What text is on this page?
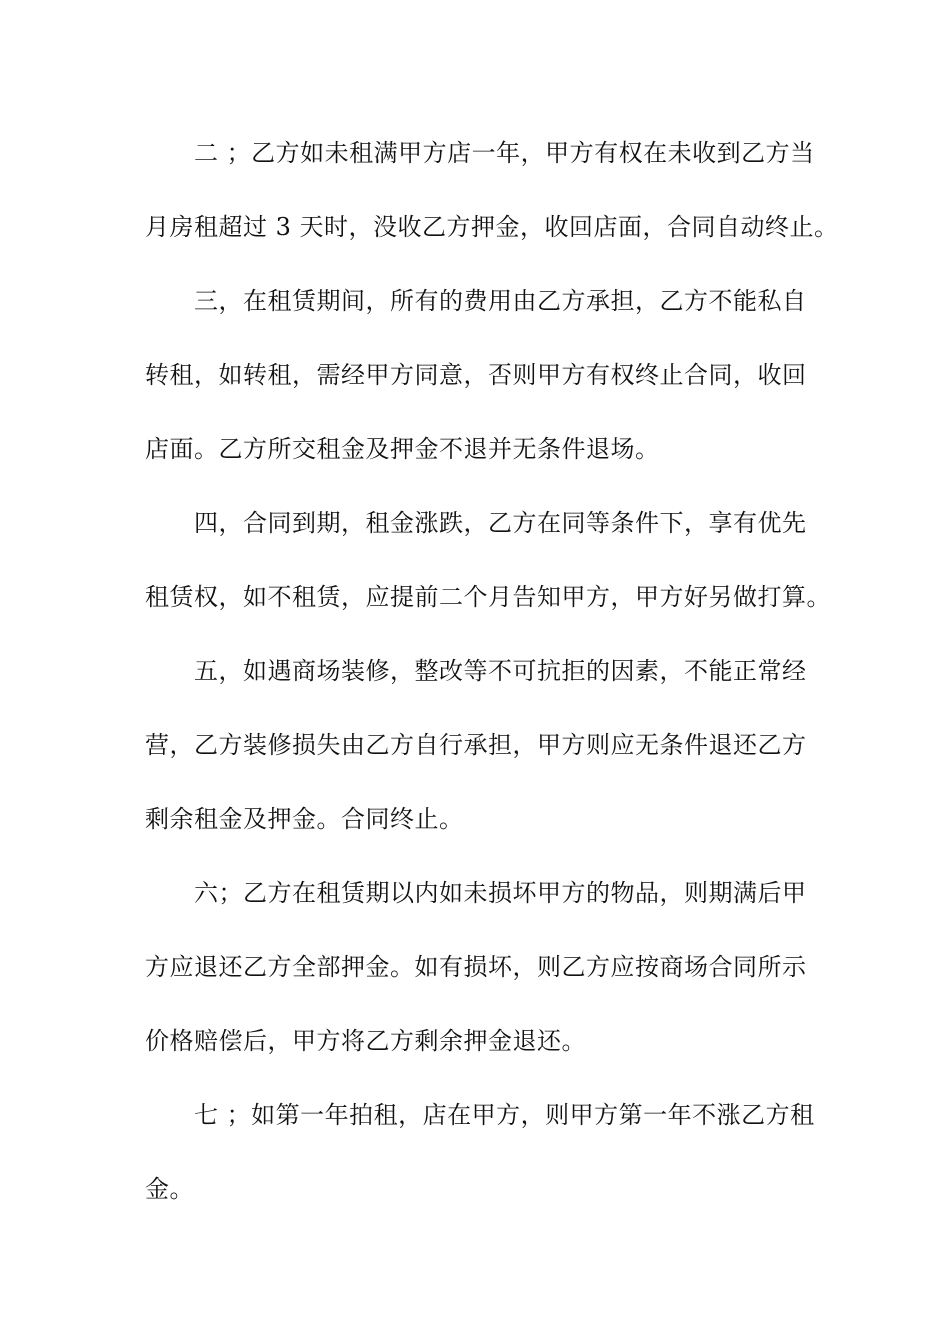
二 ；乙方如未租满甲方店一年，甲方有权在未收到乙方当
月房租超过 3 天时，没收乙方押金，收回店面，合同自动终止。
三，在租赁期间，所有的费用由乙方承担，乙方不能私自
转租，如转租，需经甲方同意，否则甲方有权终止合同，收回
店面。乙方所交租金及押金不退并无条件退场。
四，合同到期，租金涨跌，乙方在同等条件下，享有优先
租赁权，如不租赁，应提前二个月告知甲方，甲方好另做打算。
五，如遇商场装修，整改等不可抗拒的因素，不能正常经
营，乙方装修损失由乙方自行承担，甲方则应无条件退还乙方
剩余租金及押金。合同终止。
六；乙方在租赁期以内如未损坏甲方的物品，则期满后甲
方应退还乙方全部押金。如有损坏，则乙方应按商场合同所示
价格赔偿后，甲方将乙方剩余押金退还。
七 ；如第一年拍租，店在甲方，则甲方第一年不涨乙方租
金。
